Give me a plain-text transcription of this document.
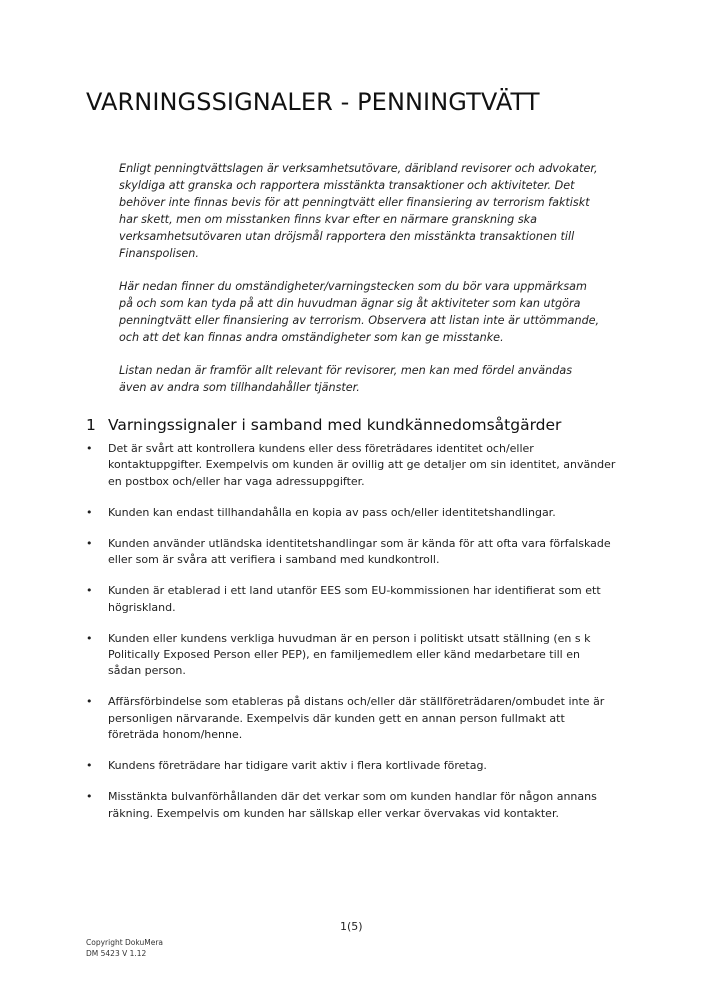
VARNINGSSIGNALER - PENNINGTVÄTT

Enligt penningtvättslagen är verksamhetsutövare, däribland revisorer och advokater, skyldiga att granska och rapportera misstänkta transaktioner och aktiviteter. Det behöver inte finnas bevis för att penningtvätt eller finansiering av terrorism faktiskt har skett, men om misstanken finns kvar efter en närmare granskning ska verksamhetsutövaren utan dröjsmål rapportera den misstänkta transaktionen till Finanspolisen.

Här nedan finner du omständigheter/varningstecken som du bör vara uppmärksam på och som kan tyda på att din huvudman ägnar sig åt aktiviteter som kan utgöra penningtvätt eller finansiering av terrorism. Observera att listan inte är uttömmande, och att det kan finnas andra omständigheter som kan ge misstanke.

Listan nedan är framför allt relevant för revisorer, men kan med fördel användas även av andra som tillhandahåller tjänster.

1 Varningssignaler i samband med kundkännedomsåtgärder
•	Det är svårt att kontrollera kundens eller dess företrädares identitet och/eller kontaktuppgifter. Exempelvis om kunden är ovillig att ge detaljer om sin identitet, använder en postbox och/eller har vaga adressuppgifter.
•	Kunden kan endast tillhandahålla en kopia av pass och/eller identitetshandlingar.
•	Kunden använder utländska identitetshandlingar som är kända för att ofta vara förfalskade eller som är svåra att verifiera i samband med kundkontroll.
•	Kunden är etablerad i ett land utanför EES som EU-kommissionen har identifierat som ett högriskland.
•	Kunden eller kundens verkliga huvudman är en person i politiskt utsatt ställning (en s k Politically Exposed Person eller PEP), en familjemedlem eller känd medarbetare till en sådan person.
•	Affärsförbindelse som etableras på distans och/eller där ställföreträdaren/ombudet inte är personligen närvarande. Exempelvis där kunden gett en annan person fullmakt att företräda honom/henne.
•	Kundens företrädare har tidigare varit aktiv i flera kortlivade företag.
•	Misstänkta bulvanförhållanden där det verkar som om kunden handlar för någon annans räkning. Exempelvis om kunden har sällskap eller verkar övervakas vid kontakter.
1(5)
Copyright DokuMera
DM 5423 V 1.12
